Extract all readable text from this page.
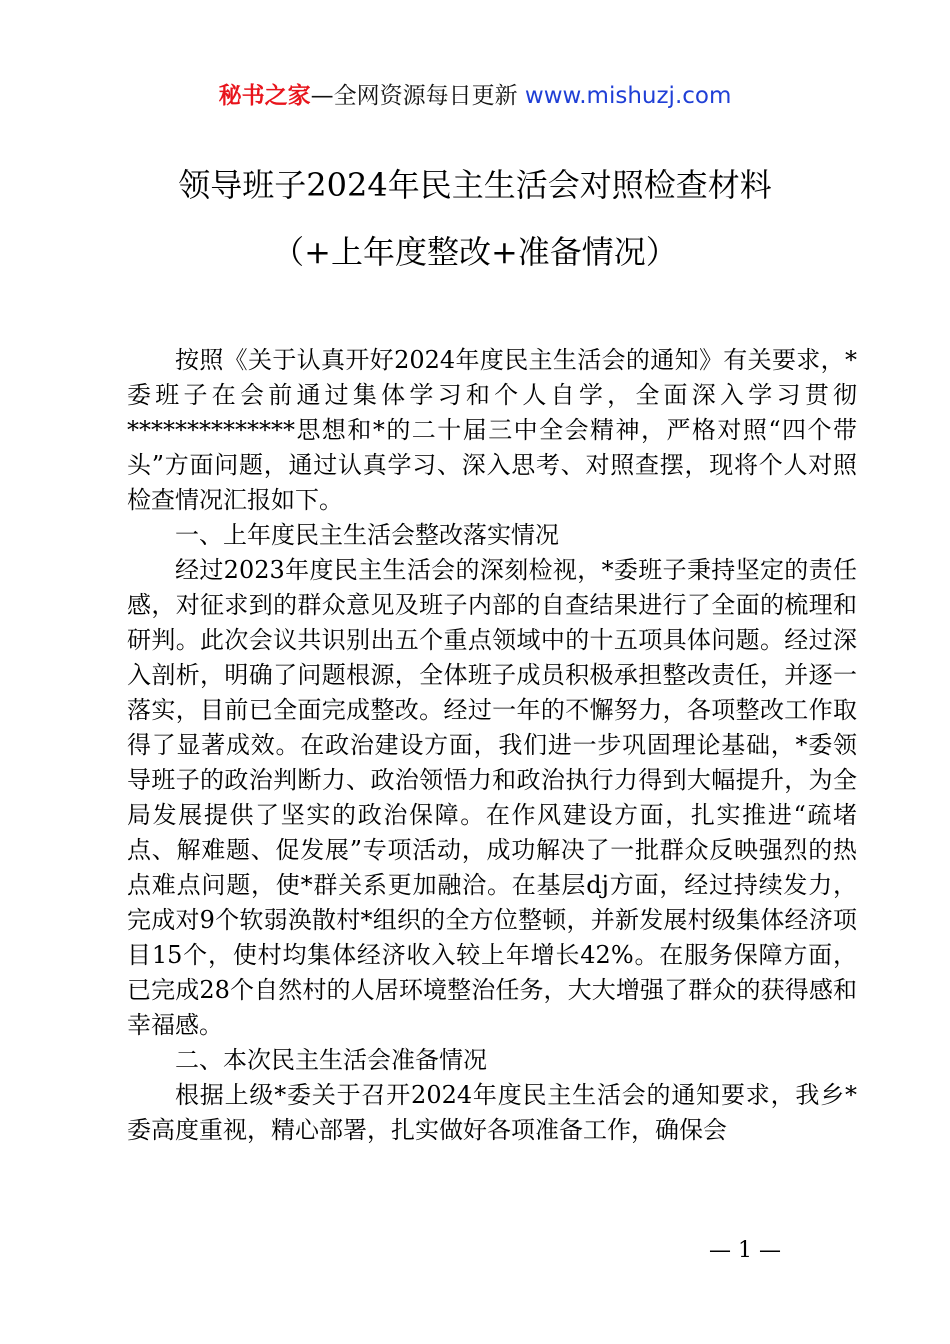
秘书之家—全网资源每日更新 www.mishuzj.com
领导班子2024年民主生活会对照检查材料
（+上年度整改+准备情况）

按照《关于认真开好2024年度民主生活会的通知》有关要求，*委班子在会前通过集体学习和个人自学，全面深入学习贯彻**************思想和*的二十届三中全会精神，严格对照“四个带头”方面问题，通过认真学习、深入思考、对照查摆，现将个人对照检查情况汇报如下。

一、上年度民主生活会整改落实情况

经过2023年度民主生活会的深刻检视，*委班子秉持坚定的责任感，对征求到的群众意见及班子内部的自查结果进行了全面的梳理和研判。此次会议共识别出五个重点领域中的十五项具体问题。经过深入剖析，明确了问题根源，全体班子成员积极承担整改责任，并逐一落实，目前已全面完成整改。经过一年的不懈努力，各项整改工作取得了显著成效。在政治建设方面，我们进一步巩固理论基础，*委领导班子的政治判断力、政治领悟力和政治执行力得到大幅提升，为全局发展提供了坚实的政治保障。在作风建设方面，扎实推进“疏堵点、解难题、促发展”专项活动，成功解决了一批群众反映强烈的热点难点问题，使*群关系更加融洽。在基层dj方面，经过持续发力，完成对9个软弱涣散村*组织的全方位整顿，并新发展村级集体经济项目15个，使村均集体经济收入较上年增长42%。在服务保障方面，已完成28个自然村的人居环境整治任务，大大增强了群众的获得感和幸福感。

二、本次民主生活会准备情况

根据上级*委关于召开2024年度民主生活会的通知要求，我乡*委高度重视，精心部署，扎实做好各项准备工作，确保会

— 1 —
